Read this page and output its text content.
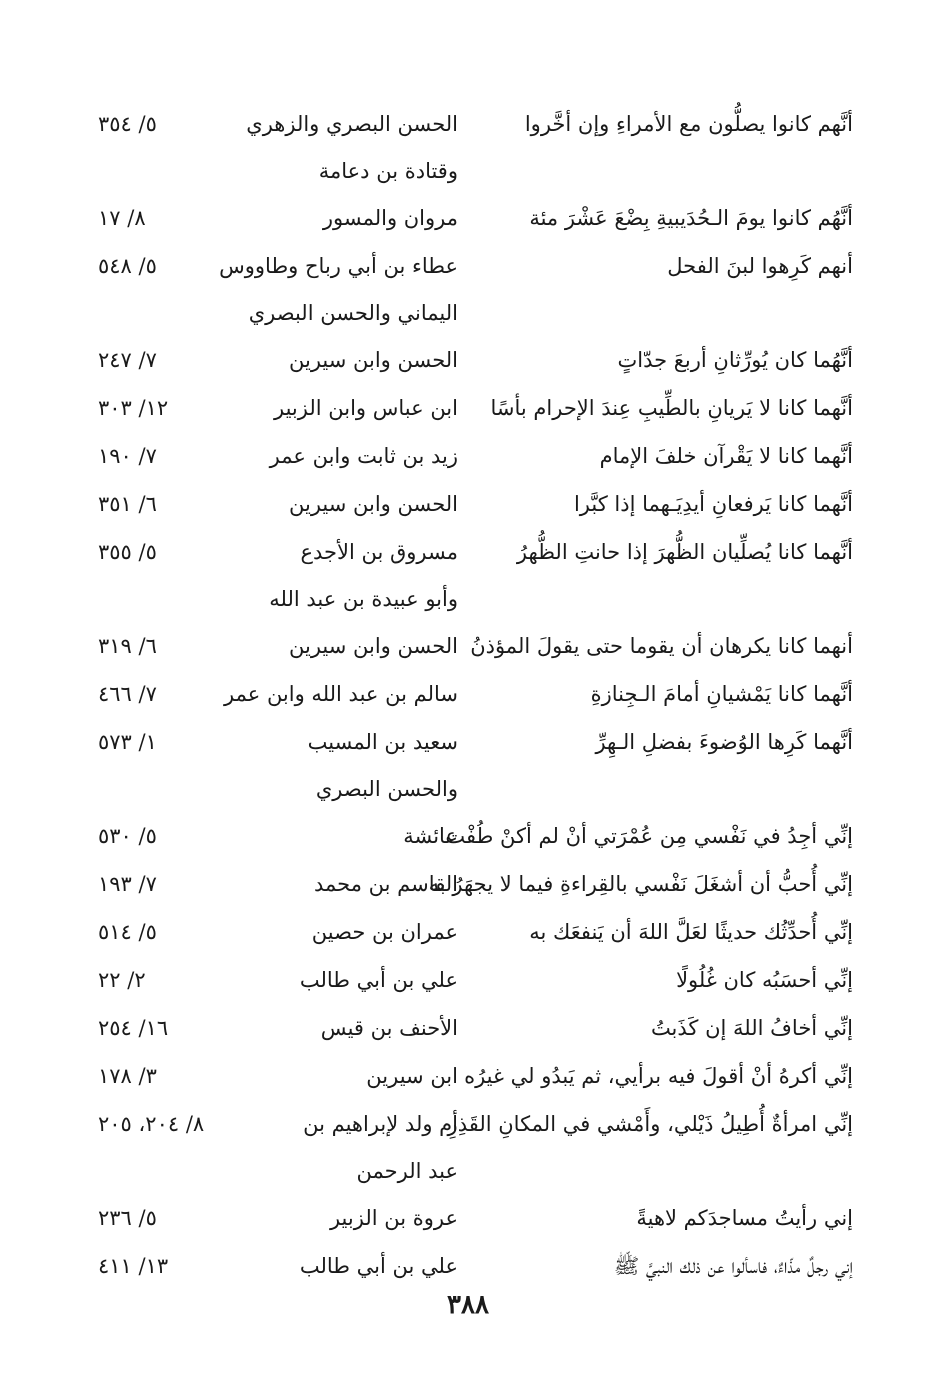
أنَّهم كانوا يصلُّون مع الأمراءِ وإن أخَّروا
الحسن البصري والزهري
٥/ ٣٥٤
وقتادة بن دعامة
أنَّهُم كانوا يومَ الـحُدَيبيةِ بِضْعَ عَشْرَ مئة
مروان والمسور
٨/ ١٧
أنهم كَرِهوا لبنَ الفحل
عطاء بن أبي رباح وطاووس
٥/ ٥٤٨
اليماني والحسن البصري
أنَّهُما كان يُورِّثانِ أربعَ جدّاتٍ
الحسن وابن سيرين
٧/ ٢٤٧
أنَّهما كانا لا يَريانِ بالطِّيبِ عِندَ الإحرام بأسًا
ابن عباس وابن الزبير
١٢/ ٣٠٣
أنَّهما كانا لا يَقْرآن خلفَ الإمام
زيد بن ثابت وابن عمر
٧/ ١٩٠
أنَّهما كانا يَرفعانِ أيدِيَـهما إذا كبَّرا
الحسن وابن سيرين
٦/ ٣٥١
أنَّهما كانا يُصلِّيان الظُّهرَ إذا حانتِ الظُّهرُ
مسروق بن الأجدع
٥/ ٣٥٥
وأبو عبيدة بن عبد الله
أنهما كانا يكرهان أن يقوما حتى يقولَ المؤذنُ
الحسن وابن سيرين
٦/ ٣١٩
أنَّهما كانا يَمْشيانِ أمامَ الـجِنازةِ
سالم بن عبد الله وابن عمر
٧/ ٤٦٦
أنَّهما كَرِها الوُضوءَ بفضلِ الـهِرِّ
سعيد بن المسيب
١/ ٥٧٣
والحسن البصري
إنِّي أجِدُ في نَفْسي مِن عُمْرَتي أنْ لم أكنْ طُفْت
عائشة
٥/ ٥٣٠
إنِّي أُحبُّ أن أشغَلَ نَفْسي بالقِراءةِ فيما لا يجهَرُ به
القاسم بن محمد
٧/ ١٩٣
إنِّي أُحدِّثُك حديثًا لعَلَّ اللهَ أن يَنفعَك به
عمران بن حصين
٥/ ٥١٤
إنِّي أحسَبُه كان غُلُولًا
علي بن أبي طالب
٢/ ٢٢
إنِّي أخافُ اللهَ إن كَذَبتُ
الأحنف بن قيس
١٦/ ٢٥٤
إنِّي أكرهُ أنْ أقولَ فيه برأيي، ثم يَبدُو لي غيرُه
ابن سيرين
٣/ ١٧٨
إنِّي امرأةٌ أُطِيلُ ذَيْلي، وأَمْشي في المكانِ القَذِرِ
أم ولد لإبراهيم بن
٨/ ٢٠٤، ٢٠٥
عبد الرحمن
إني رأيتُ مساجدَكم لاهيةً
عروة بن الزبير
٥/ ٢٣٦
إني رجلٌ مذّاءٌ، فاسألوا عن ذلك النبيَّ ﷺ
علي بن أبي طالب
١٣/ ٤١١
٣٨٨
